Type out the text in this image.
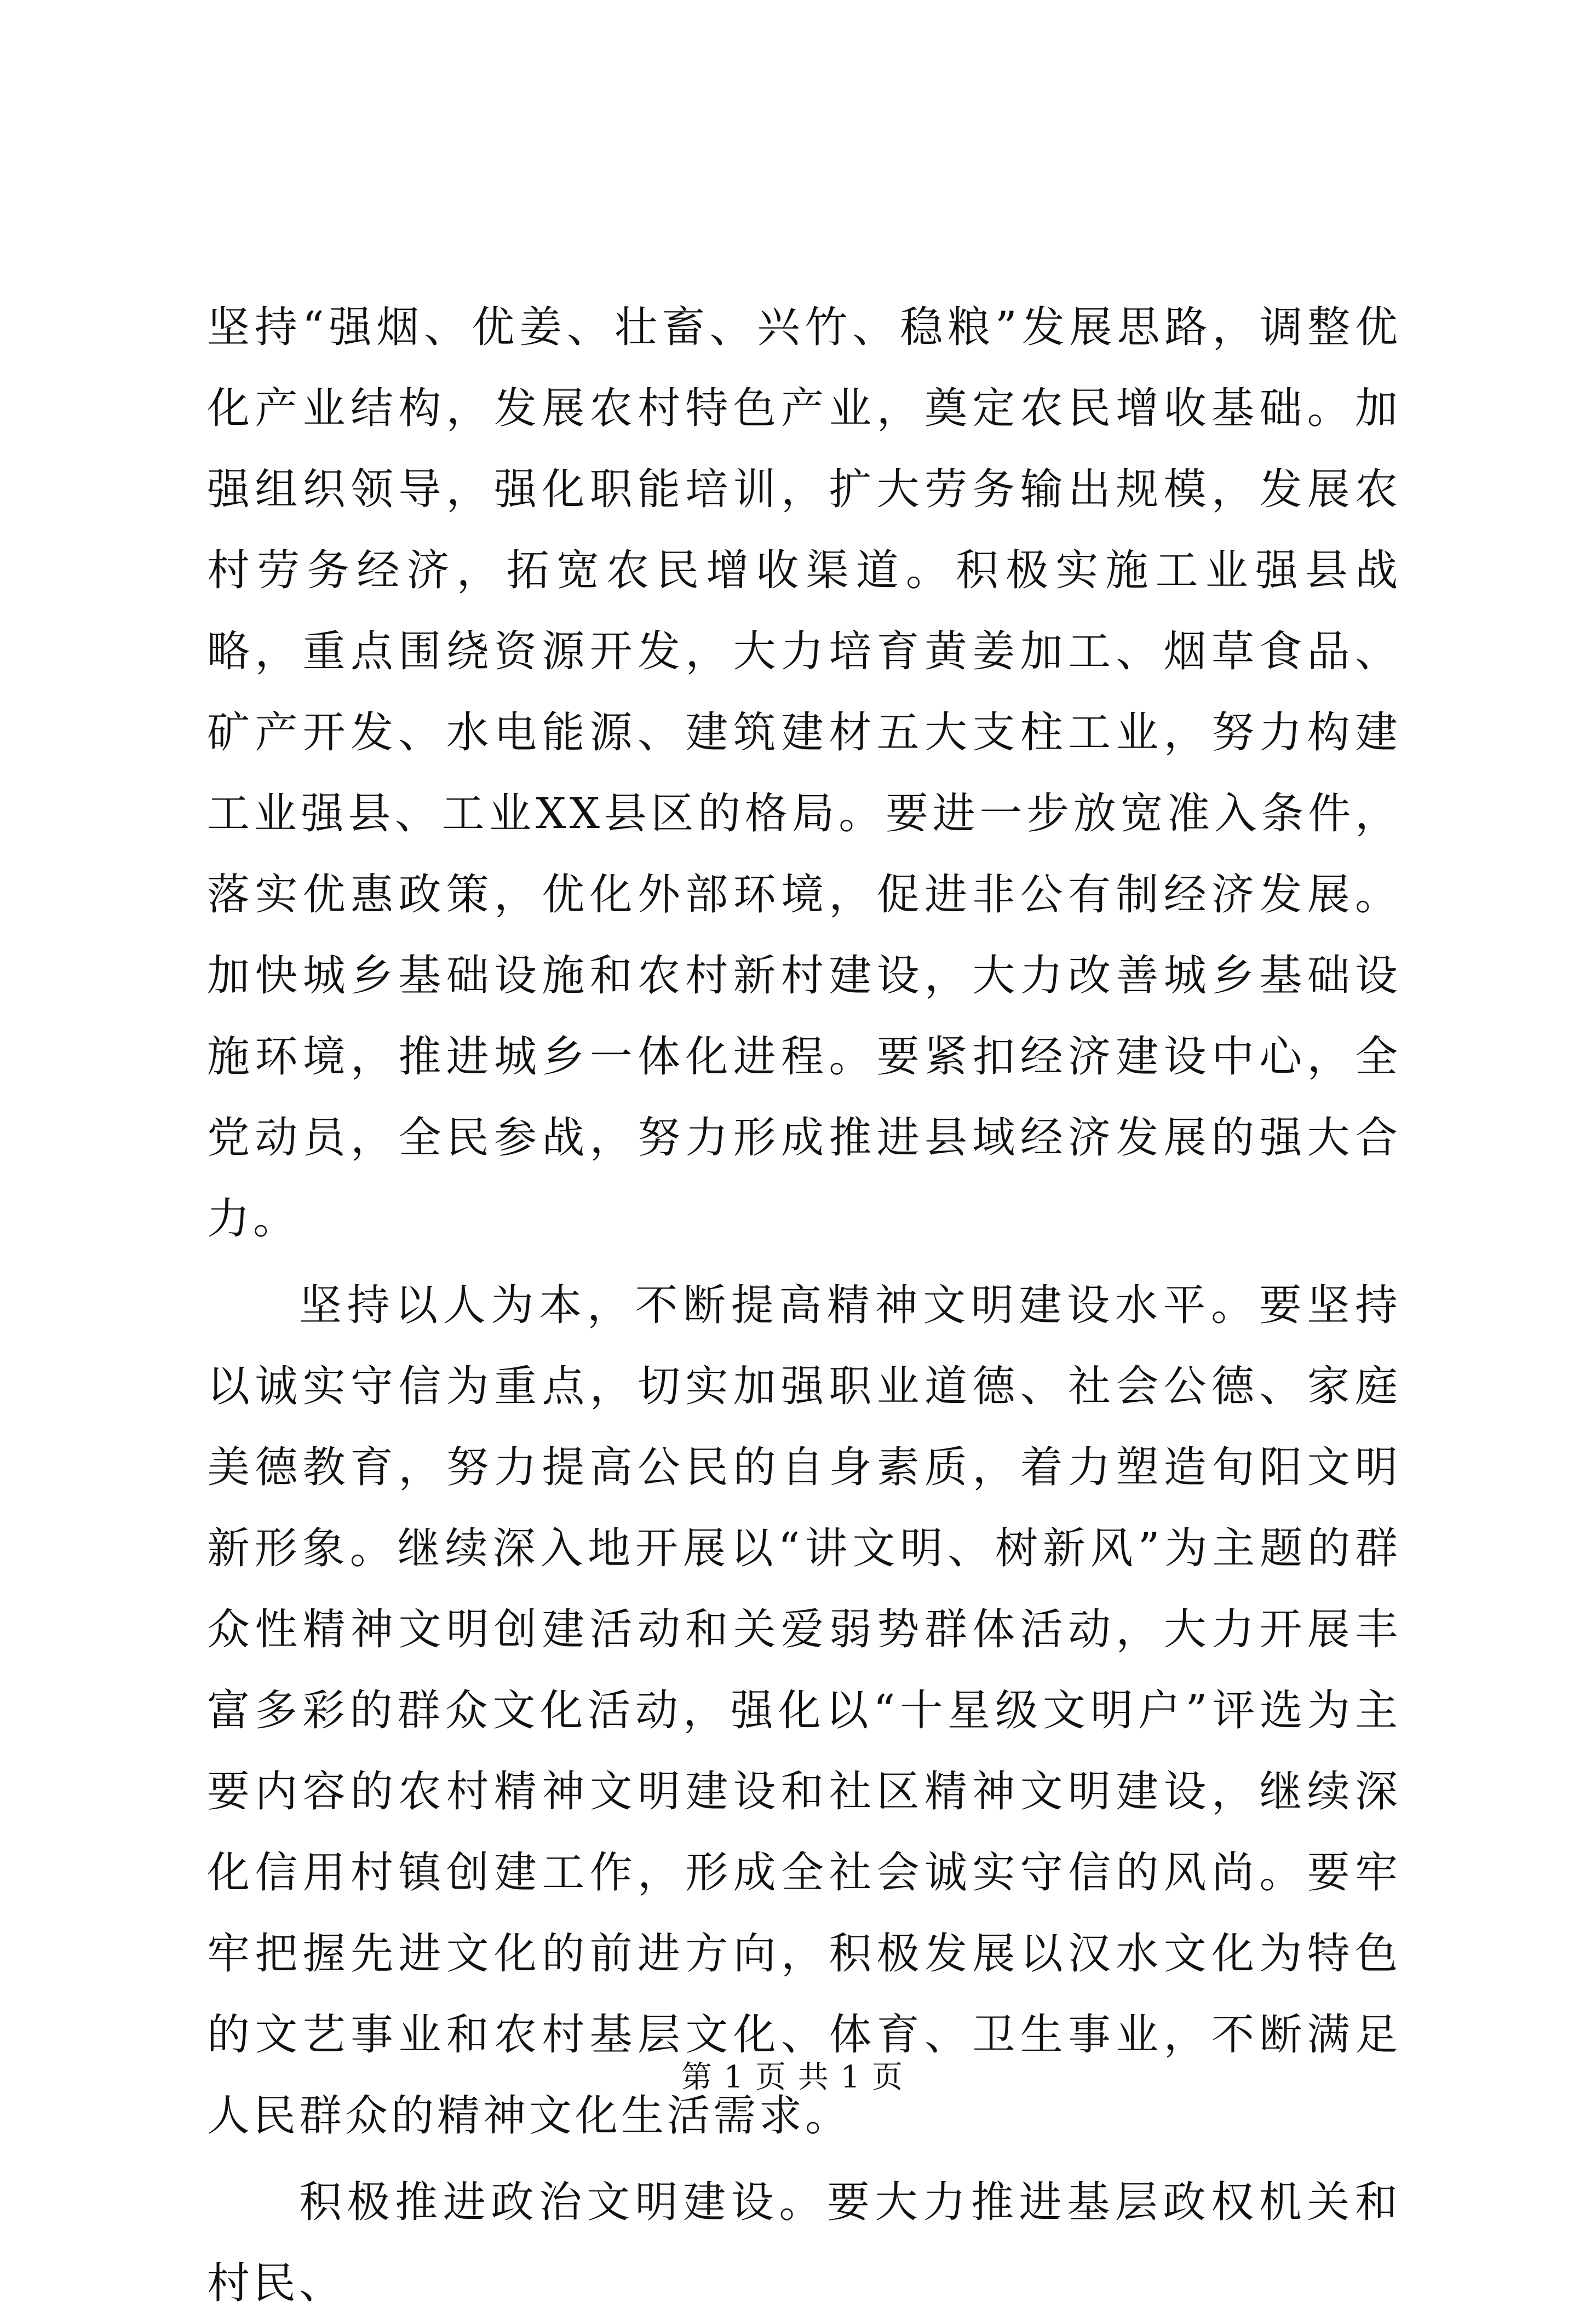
坚持“强烟、优姜、壮畜、兴竹、稳粮”发展思路，调整优化产业结构，发展农村特色产业，奠定农民增收基础。加强组织领导，强化职能培训，扩大劳务输出规模，发展农村劳务经济，拓宽农民增收渠道。积极实施工业强县战略，重点围绕资源开发，大力培育黄姜加工、烟草食品、矿产开发、水电能源、建筑建材五大支柱工业，努力构建工业强县、工业XX县区的格局。要进一步放宽准入条件，落实优惠政策，优化外部环境，促进非公有制经济发展。加快城乡基础设施和农村新村建设，大力改善城乡基础设施环境，推进城乡一体化进程。要紧扣经济建设中心，全党动员，全民参战，努力形成推进县域经济发展的强大合力。

坚持以人为本，不断提高精神文明建设水平。要坚持以诚实守信为重点，切实加强职业道德、社会公德、家庭美德教育，努力提高公民的自身素质，着力塑造旬阳文明新形象。继续深入地开展以“讲文明、树新风”为主题的群众性精神文明创建活动和关爱弱势群体活动，大力开展丰富多彩的群众文化活动，强化以“十星级文明户”评选为主要内容的农村精神文明建设和社区精神文明建设，继续深化信用村镇创建工作，形成全社会诚实守信的风尚。要牢牢把握先进文化的前进方向，积极发展以汉水文化为特色的文艺事业和农村基层文化、体育、卫生事业，不断满足人民群众的精神文化生活需求。

积极推进政治文明建设。要大力推进基层政权机关和村民、

第 1 页 共 1 页
